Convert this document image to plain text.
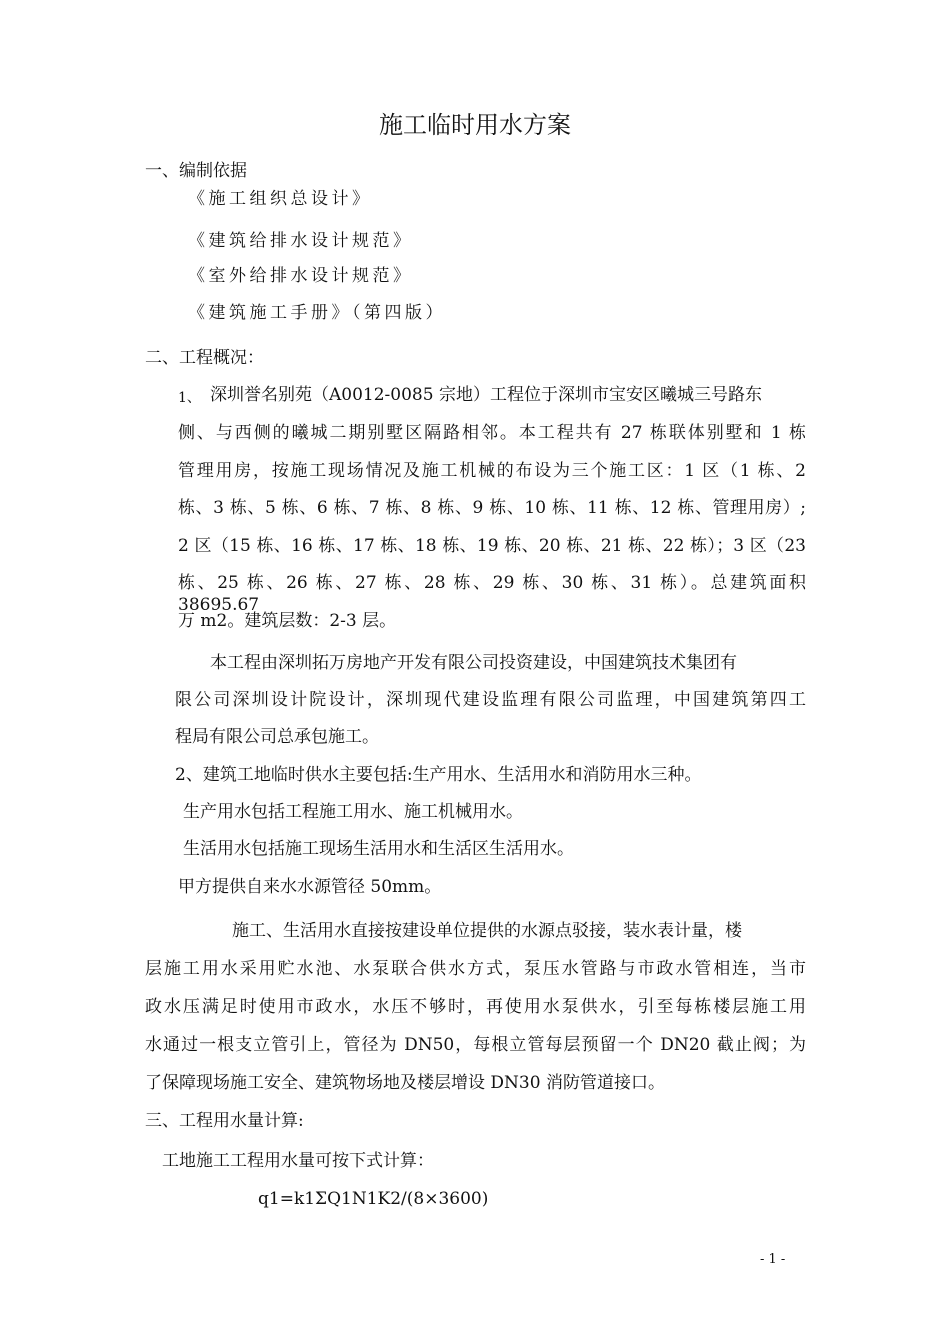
施工临时用水方案
一、编制依据
《施工组织总设计》
《建筑给排水设计规范》
《室外给排水设计规范》
《建筑施工手册》（第四版）
二、工程概况：
1、 深圳誉名别苑（A0012-0085 宗地）工程位于深圳市宝安区曦城三号路东
侧、与西侧的曦城二期别墅区隔路相邻。本工程共有 27 栋联体别墅和 1 栋
管理用房，按施工现场情况及施工机械的布设为三个施工区：1 区（1 栋、2
栋、3 栋、5 栋、6 栋、7 栋、8 栋、9 栋、10 栋、11 栋、12 栋、管理用房）;
2 区（15 栋、16 栋、17 栋、18 栋、19 栋、20 栋、21 栋、22 栋）；3 区（23
栋、25 栋、26 栋、27 栋、28 栋、29 栋、30 栋、31 栋）。总建筑面积 38695.67
万 m2。建筑层数：2-3 层。
本工程由深圳拓万房地产开发有限公司投资建设，中国建筑技术集团有
限公司深圳设计院设计，深圳现代建设监理有限公司监理，中国建筑第四工
程局有限公司总承包施工。
2、建筑工地临时供水主要包括:生产用水、生活用水和消防用水三种。
生产用水包括工程施工用水、施工机械用水。
生活用水包括施工现场生活用水和生活区生活用水。
甲方提供自来水水源管径 50mm。
施工、生活用水直接按建设单位提供的水源点驳接，装水表计量，楼
层施工用水采用贮水池、水泵联合供水方式，泵压水管路与市政水管相连，当市
政水压满足时使用市政水，水压不够时，再使用水泵供水，引至每栋楼层施工用
水通过一根支立管引上，管径为 DN50，每根立管每层预留一个 DN20 截止阀；为
了保障现场施工安全、建筑物场地及楼层增设 DN30 消防管道接口。
三、工程用水量计算:
工地施工工程用水量可按下式计算：
q1=k1ΣQ1N1K2/(8×3600)
- 1 -
